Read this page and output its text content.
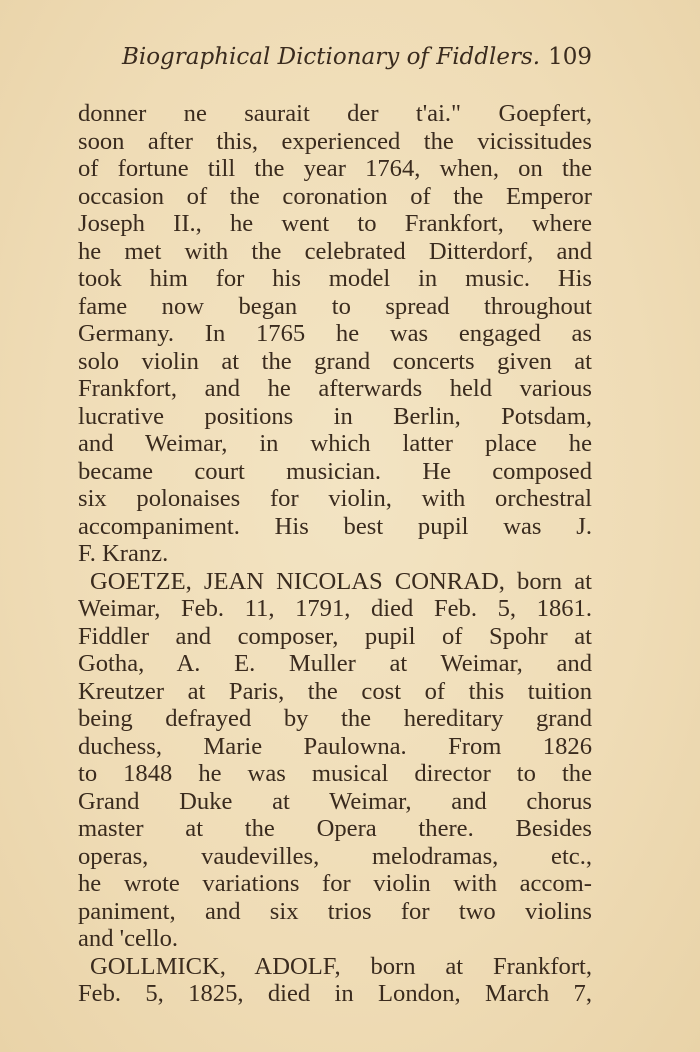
Biographical Dictionary of Fiddlers. 109
donner ne saurait der t'ai." Goepfert,
soon after this, experienced the vicissitudes
of fortune till the year 1764, when, on the
occasion of the coronation of the Emperor
Joseph II., he went to Frankfort, where
he met with the celebrated Ditterdorf, and
took him for his model in music. His
fame now began to spread throughout
Germany. In 1765 he was engaged as
solo violin at the grand concerts given at
Frankfort, and he afterwards held various
lucrative positions in Berlin, Potsdam,
and Weimar, in which latter place he
became court musician. He composed
six polonaises for violin, with orchestral
accompaniment. His best pupil was J.
F. Kranz.
GOETZE, JEAN NICOLAS CONRAD, born at
Weimar, Feb. 11, 1791, died Feb. 5, 1861.
Fiddler and composer, pupil of Spohr at
Gotha, A. E. Muller at Weimar, and
Kreutzer at Paris, the cost of this tuition
being defrayed by the hereditary grand
duchess, Marie Paulowna. From 1826
to 1848 he was musical director to the
Grand Duke at Weimar, and chorus
master at the Opera there. Besides
operas, vaudevilles, melodramas, etc.,
he wrote variations for violin with accom-
paniment, and six trios for two violins
and 'cello.
GOLLMICK, ADOLF, born at Frankfort,
Feb. 5, 1825, died in London, March 7,
